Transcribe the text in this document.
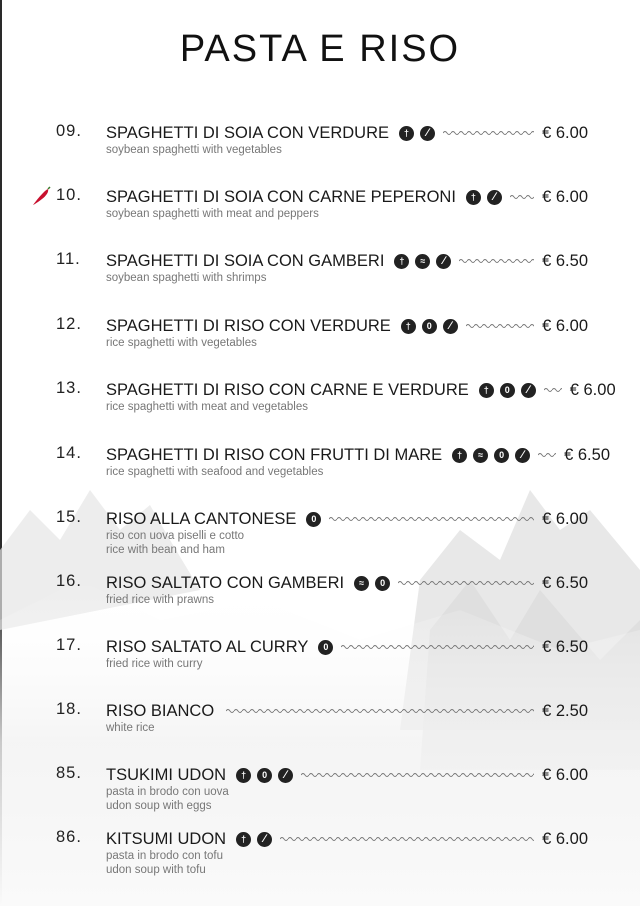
PASTA E RISO
09.	SPAGHETTI DI SOIA CON VERDURE † ∕	€ 6.00
soybean spaghetti with vegetables
10.	SPAGHETTI DI SOIA CON CARNE PEPERONI † ∕	€ 6.00
soybean spaghetti with meat and peppers
11.	SPAGHETTI DI SOIA CON GAMBERI † ≈ ∕	€ 6.50
soybean spaghetti with shrimps
12.	SPAGHETTI DI RISO CON VERDURE † 0 ∕	€ 6.00
rice spaghetti with vegetables
13.	SPAGHETTI DI RISO CON CARNE E VERDURE † 0 ∕	€ 6.00
rice spaghetti with meat and vegetables
14.	SPAGHETTI DI RISO CON FRUTTI DI MARE † ≈ 0 ∕	€ 6.50
rice spaghetti with seafood and vegetables
15.	RISO ALLA CANTONESE 0	€ 6.00
riso con uova piselli e cotto
rice with bean and ham
16.	RISO SALTATO CON GAMBERI ≈ 0	€ 6.50
fried rice with prawns
17.	RISO SALTATO AL CURRY 0	€ 6.50
fried rice with curry
18.	RISO BIANCO	€ 2.50
white rice
85.	TSUKIMI UDON † 0 ∕	€ 6.00
pasta in brodo con uova
udon soup with eggs
86.	KITSUMI UDON † ∕	€ 6.00
pasta in brodo con tofu
udon soup with tofu
